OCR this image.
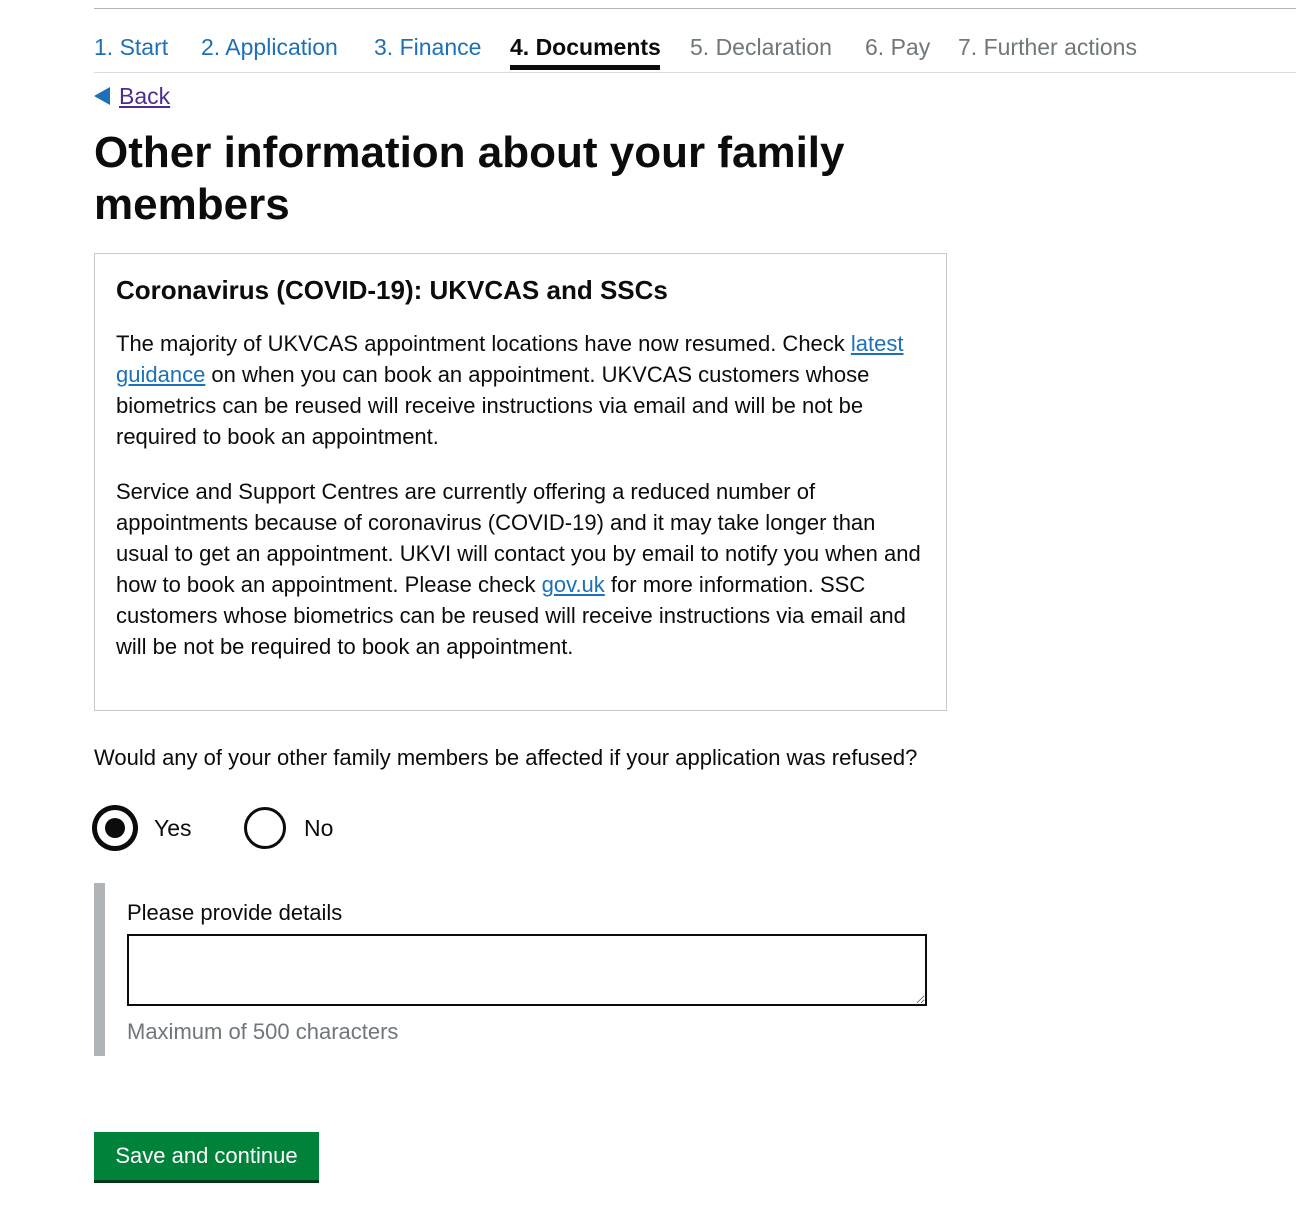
1. Start 2. Application 3. Finance 4. Documents 5. Declaration 6. Pay 7. Further actions
Back
Other information about your family members
Coronavirus (COVID-19): UKVCAS and SSCs

The majority of UKVCAS appointment locations have now resumed. Check latest guidance on when you can book an appointment. UKVCAS customers whose biometrics can be reused will receive instructions via email and will be not be required to book an appointment.

Service and Support Centres are currently offering a reduced number of appointments because of coronavirus (COVID-19) and it may take longer than usual to get an appointment. UKVI will contact you by email to notify you when and how to book an appointment. Please check gov.uk for more information. SSC customers whose biometrics can be reused will receive instructions via email and will be not be required to book an appointment.

Would any of your other family members be affected if your application was refused?
Yes	No
Please provide details
Maximum of 500 characters
Save and continue
